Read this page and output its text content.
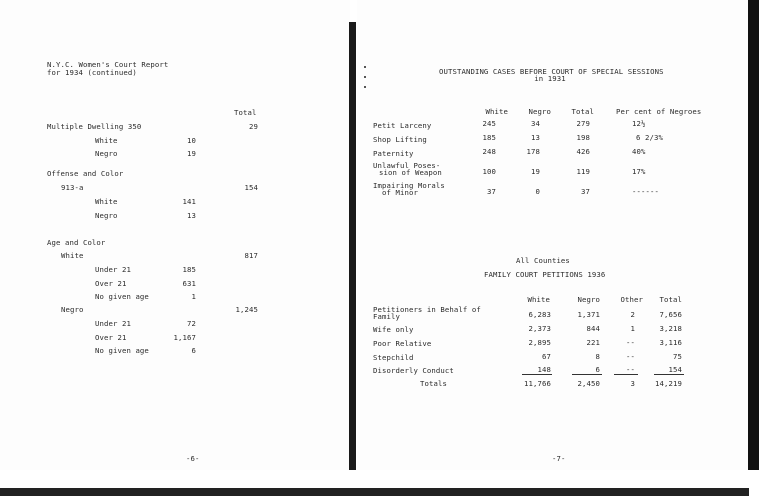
N.Y.C. Women's Court Report
for 1934 (continued)
Total
Multiple Dwelling 350	29
White	10
Negro	19
Offense and Color
913-a	154
White	141
Negro	13
Age and Color
White	817
Under 21	185
Over 21	631
No given age	1
Negro	1,245
Under 21	72
Over 21	1,167
No given age	6
-6-
OUTSTANDING CASES BEFORE COURT OF SPECIAL SESSIONS
in 1931
White	Negro	Total	Per cent of Negroes
Petit Larceny	245	34	279	12½
Shop Lifting	185	13	198	6 2/3%
Paternity	248	178	426	40%
Unlawful Poses-
sion of Weapon	100	19	119	17%
Impairing Morals
of Minor	37	0	37	------
All Counties
FAMILY COURT PETITIONS 1936
White	Negro	Other	Total
Petitioners in Behalf of
Family	6,283	1,371	2	7,656
Wife only	2,373	844	1	3,218
Poor Relative	2,895	221	--	3,116
Stepchild	67	8	--	75
Disorderly Conduct	148	6	--	154
Totals	11,766	2,450	3	14,219
-7-
